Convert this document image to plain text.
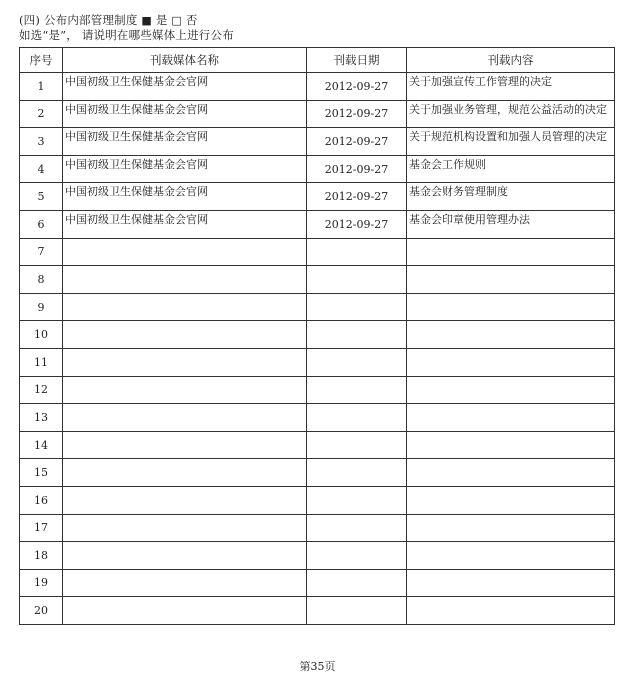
(四) 公布内部管理制度 ■ 是 □ 否
如选“是”， 请说明在哪些媒体上进行公布
序号	刊载媒体名称	刊载日期	刊载内容
1	中国初级卫生保健基金会官网	2012-09-27	关于加强宣传工作管理的决定
2	中国初级卫生保健基金会官网	2012-09-27	关于加强业务管理，规范公益活动的决定
3	中国初级卫生保健基金会官网	2012-09-27	关于规范机构设置和加强人员管理的决定
4	中国初级卫生保健基金会官网	2012-09-27	基金会工作规则
5	中国初级卫生保健基金会官网	2012-09-27	基金会财务管理制度
6	中国初级卫生保健基金会官网	2012-09-27	基金会印章使用管理办法
7			
8			
9			
10			
11			
12			
13			
14			
15			
16			
17			
18			
19			
20			
第35页
